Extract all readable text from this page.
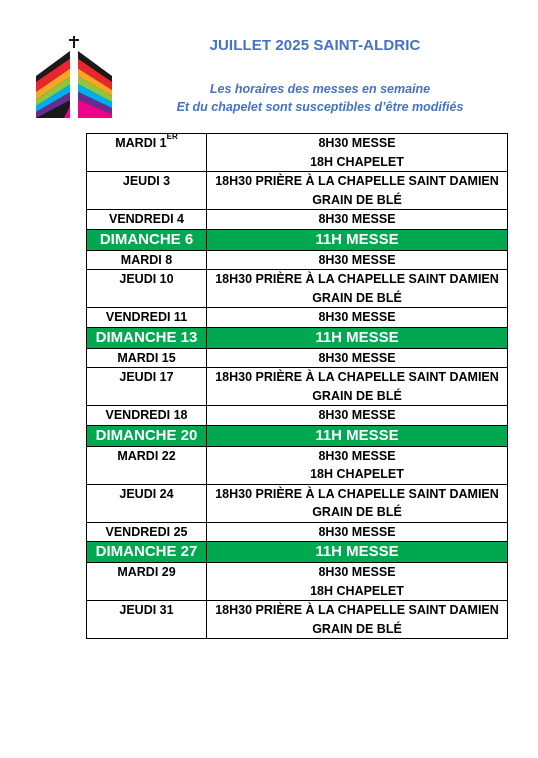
JUILLET 2025 SAINT-ALDRIC
Les horaires des messes en semaine
Et du chapelet sont susceptibles d’être modifiés
MARDI 1ER	8H30 MESSE
18H CHAPELET

JEUDI 3	18H30 PRIÈRE À LA CHAPELLE SAINT DAMIEN
GRAIN DE BLÉ

VENDREDI 4	8H30 MESSE

DIMANCHE 6	11H MESSE

MARDI 8	8H30 MESSE

JEUDI 10	18H30 PRIÈRE À LA CHAPELLE SAINT DAMIEN
GRAIN DE BLÉ

VENDREDI 11	8H30 MESSE

DIMANCHE 13	11H MESSE

MARDI 15	8H30 MESSE

JEUDI 17	18H30 PRIÈRE À LA CHAPELLE SAINT DAMIEN
GRAIN DE BLÉ

VENDREDI 18	8H30 MESSE

DIMANCHE 20	11H MESSE

MARDI 22	8H30 MESSE
18H CHAPELET

JEUDI 24	18H30 PRIÈRE À LA CHAPELLE SAINT DAMIEN
GRAIN DE BLÉ

VENDREDI 25	8H30 MESSE

DIMANCHE 27	11H MESSE

MARDI 29	8H30 MESSE
18H CHAPELET

JEUDI 31	18H30 PRIÈRE À LA CHAPELLE SAINT DAMIEN
GRAIN DE BLÉ
